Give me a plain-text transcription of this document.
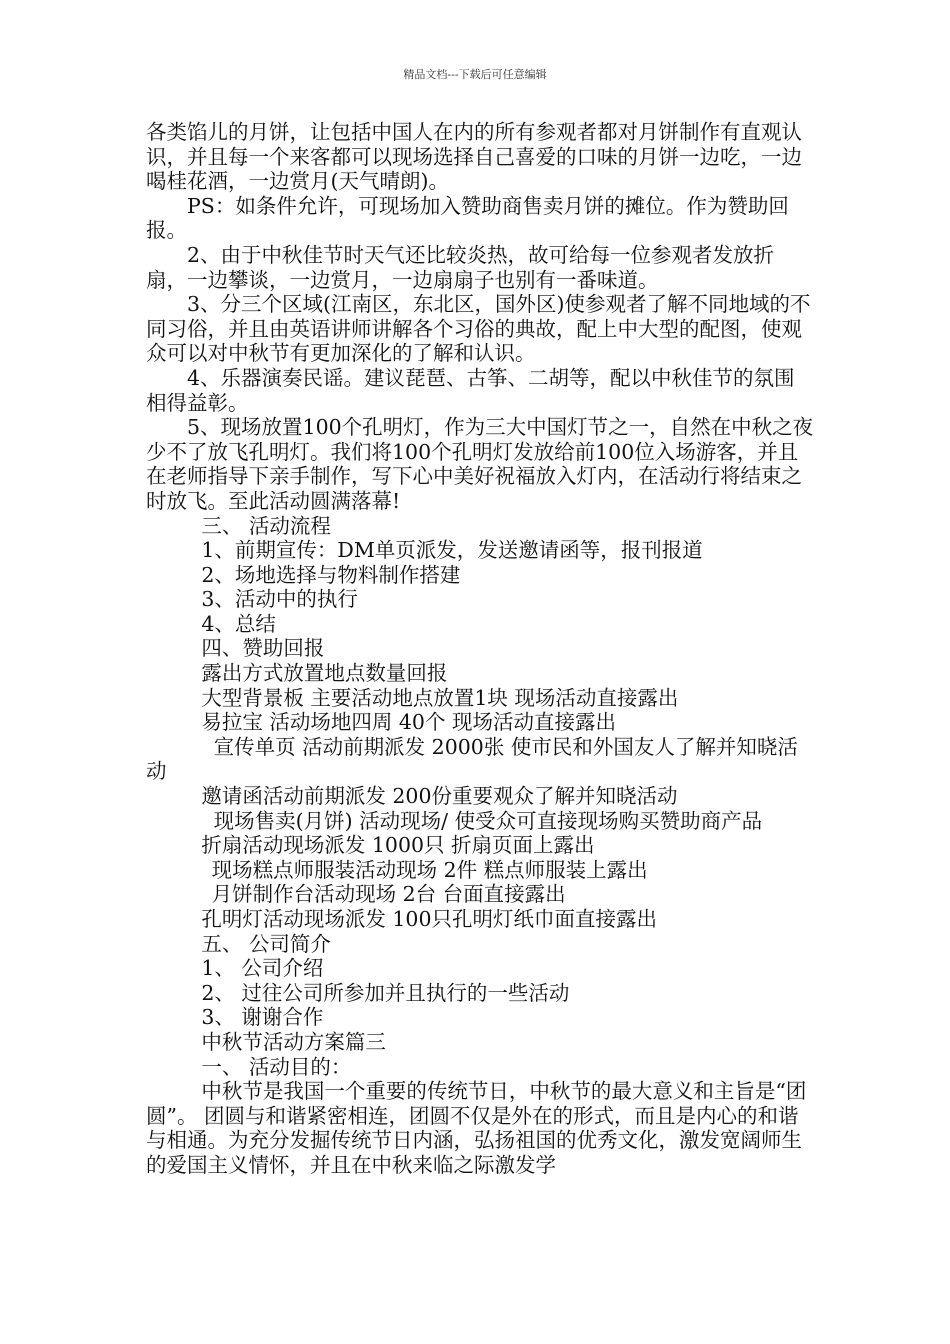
精品文档---下载后可任意编辑

各类馅儿的月饼，让包括中国人在内的所有参观者都对月饼制作有直观认识，并且每一个来客都可以现场选择自己喜爱的口味的月饼一边吃，一边喝桂花酒，一边赏月(天气晴朗)。

PS：如条件允许，可现场加入赞助商售卖月饼的摊位。作为赞助回报。

2、由于中秋佳节时天气还比较炎热，故可给每一位参观者发放折扇，一边攀谈，一边赏月，一边扇扇子也别有一番味道。

3、分三个区域(江南区，东北区，国外区)使参观者了解不同地域的不同习俗，并且由英语讲师讲解各个习俗的典故，配上中大型的配图，使观众可以对中秋节有更加深化的了解和认识。

4、乐器演奏民谣。建议琵琶、古筝、二胡等，配以中秋佳节的氛围相得益彰。

5、现场放置100个孔明灯，作为三大中国灯节之一，自然在中秋之夜少不了放飞孔明灯。我们将100个孔明灯发放给前100位入场游客，并且在老师指导下亲手制作，写下心中美好祝福放入灯内，在活动行将结束之时放飞。至此活动圆满落幕!

三、 活动流程

1、前期宣传：DM单页派发，发送邀请函等，报刊报道

2、场地选择与物料制作搭建

3、活动中的执行

4、总结

四、赞助回报

露出方式放置地点数量回报

大型背景板 主要活动地点放置1块 现场活动直接露出

易拉宝 活动场地四周 40个 现场活动直接露出

宣传单页 活动前期派发 2000张 使市民和外国友人了解并知晓活动

邀请函活动前期派发 200份重要观众了解并知晓活动

现场售卖(月饼) 活动现场/ 使受众可直接现场购买赞助商产品

折扇活动现场派发 1000只 折扇页面上露出

现场糕点师服装活动现场 2件 糕点师服装上露出

月饼制作台活动现场 2台 台面直接露出

孔明灯活动现场派发 100只孔明灯纸巾面直接露出

五、 公司简介

1、 公司介绍

2、 过往公司所参加并且执行的一些活动

3、 谢谢合作

中秋节活动方案篇三

一、 活动目的：

中秋节是我国一个重要的传统节日，中秋节的最大意义和主旨是“团圆”。 团圆与和谐紧密相连，团圆不仅是外在的形式，而且是内心的和谐与相通。为充分发掘传统节日内涵，弘扬祖国的优秀文化，激发宽阔师生的爱国主义情怀，并且在中秋来临之际激发学
